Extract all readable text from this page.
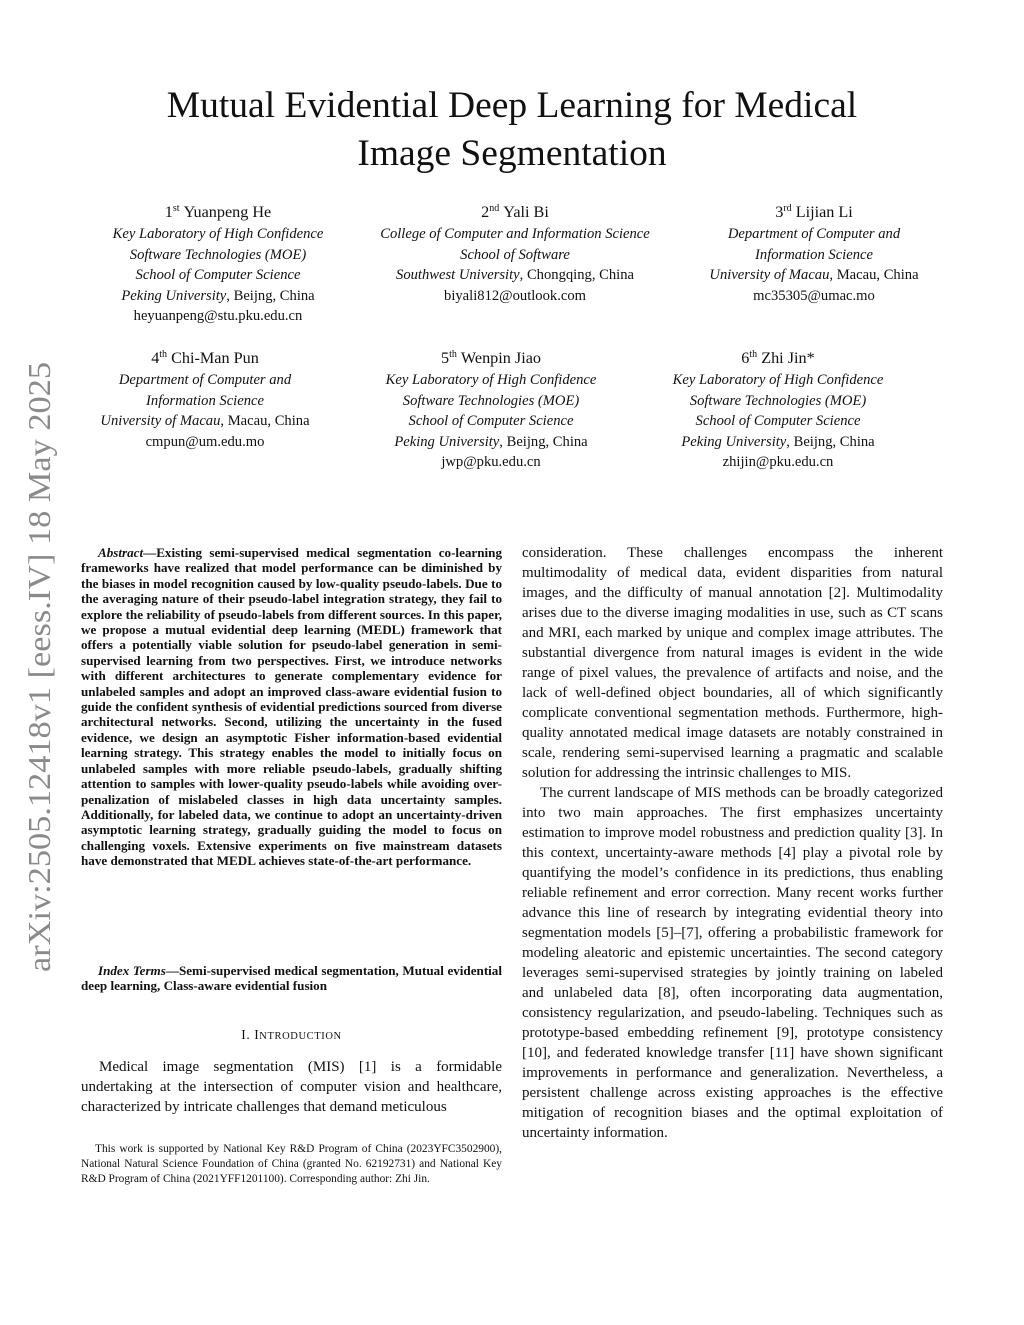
arXiv:2505.12418v1 [eess.IV] 18 May 2025
Mutual Evidential Deep Learning for Medical
Image Segmentation
1st Yuanpeng He
Key Laboratory of High Confidence
Software Technologies (MOE)
School of Computer Science
Peking University, Beijng, China
heyuanpeng@stu.pku.edu.cn
2nd Yali Bi
College of Computer and Information Science
School of Software
Southwest University, Chongqing, China
biyali812@outlook.com
3rd Lijian Li
Department of Computer and
Information Science
University of Macau, Macau, China
mc35305@umac.mo
4th Chi-Man Pun
Department of Computer and
Information Science
University of Macau, Macau, China
cmpun@um.edu.mo
5th Wenpin Jiao
Key Laboratory of High Confidence
Software Technologies (MOE)
School of Computer Science
Peking University, Beijng, China
jwp@pku.edu.cn
6th Zhi Jin*
Key Laboratory of High Confidence
Software Technologies (MOE)
School of Computer Science
Peking University, Beijng, China
zhijin@pku.edu.cn

Abstract—Existing semi-supervised medical segmentation co-learning frameworks have realized that model performance can be diminished by the biases in model recognition caused by low-quality pseudo-labels. Due to the averaging nature of their pseudo-label integration strategy, they fail to explore the reliability of pseudo-labels from different sources. In this paper, we propose a mutual evidential deep learning (MEDL) framework that offers a potentially viable solution for pseudo-label generation in semi-supervised learning from two perspectives. First, we introduce networks with different architectures to generate complementary evidence for unlabeled samples and adopt an improved class-aware evidential fusion to guide the confident synthesis of evidential predictions sourced from diverse architectural networks. Second, utilizing the uncertainty in the fused evidence, we design an asymptotic Fisher information-based evidential learning strategy. This strategy enables the model to initially focus on unlabeled samples with more reliable pseudo-labels, gradually shifting attention to samples with lower-quality pseudo-labels while avoiding over-penalization of mislabeled classes in high data uncertainty samples. Additionally, for labeled data, we continue to adopt an uncertainty-driven asymptotic learning strategy, gradually guiding the model to focus on challenging voxels. Extensive experiments on five mainstream datasets have demonstrated that MEDL achieves state-of-the-art performance.

Index Terms—Semi-supervised medical segmentation, Mutual evidential deep learning, Class-aware evidential fusion

I. INTRODUCTION

Medical image segmentation (MIS) [1] is a formidable undertaking at the intersection of computer vision and healthcare, characterized by intricate challenges that demand meticulous

This work is supported by National Key R&D Program of China (2023YFC3502900), National Natural Science Foundation of China (granted No. 62192731) and National Key R&D Program of China (2021YFF1201100). Corresponding author: Zhi Jin.

consideration. These challenges encompass the inherent multimodality of medical data, evident disparities from natural images, and the difficulty of manual annotation [2]. Multimodality arises due to the diverse imaging modalities in use, such as CT scans and MRI, each marked by unique and complex image attributes. The substantial divergence from natural images is evident in the wide range of pixel values, the prevalence of artifacts and noise, and the lack of well-defined object boundaries, all of which significantly complicate conventional segmentation methods. Furthermore, high-quality annotated medical image datasets are notably constrained in scale, rendering semi-supervised learning a pragmatic and scalable solution for addressing the intrinsic challenges to MIS.

The current landscape of MIS methods can be broadly categorized into two main approaches. The first emphasizes uncertainty estimation to improve model robustness and prediction quality [3]. In this context, uncertainty-aware methods [4] play a pivotal role by quantifying the model’s confidence in its predictions, thus enabling reliable refinement and error correction. Many recent works further advance this line of research by integrating evidential theory into segmentation models [5]–[7], offering a probabilistic framework for modeling aleatoric and epistemic uncertainties. The second category leverages semi-supervised strategies by jointly training on labeled and unlabeled data [8], often incorporating data augmentation, consistency regularization, and pseudo-labeling. Techniques such as prototype-based embedding refinement [9], prototype consistency [10], and federated knowledge transfer [11] have shown significant improvements in performance and generalization. Nevertheless, a persistent challenge across existing approaches is the effective mitigation of recognition biases and the optimal exploitation of uncertainty information.
